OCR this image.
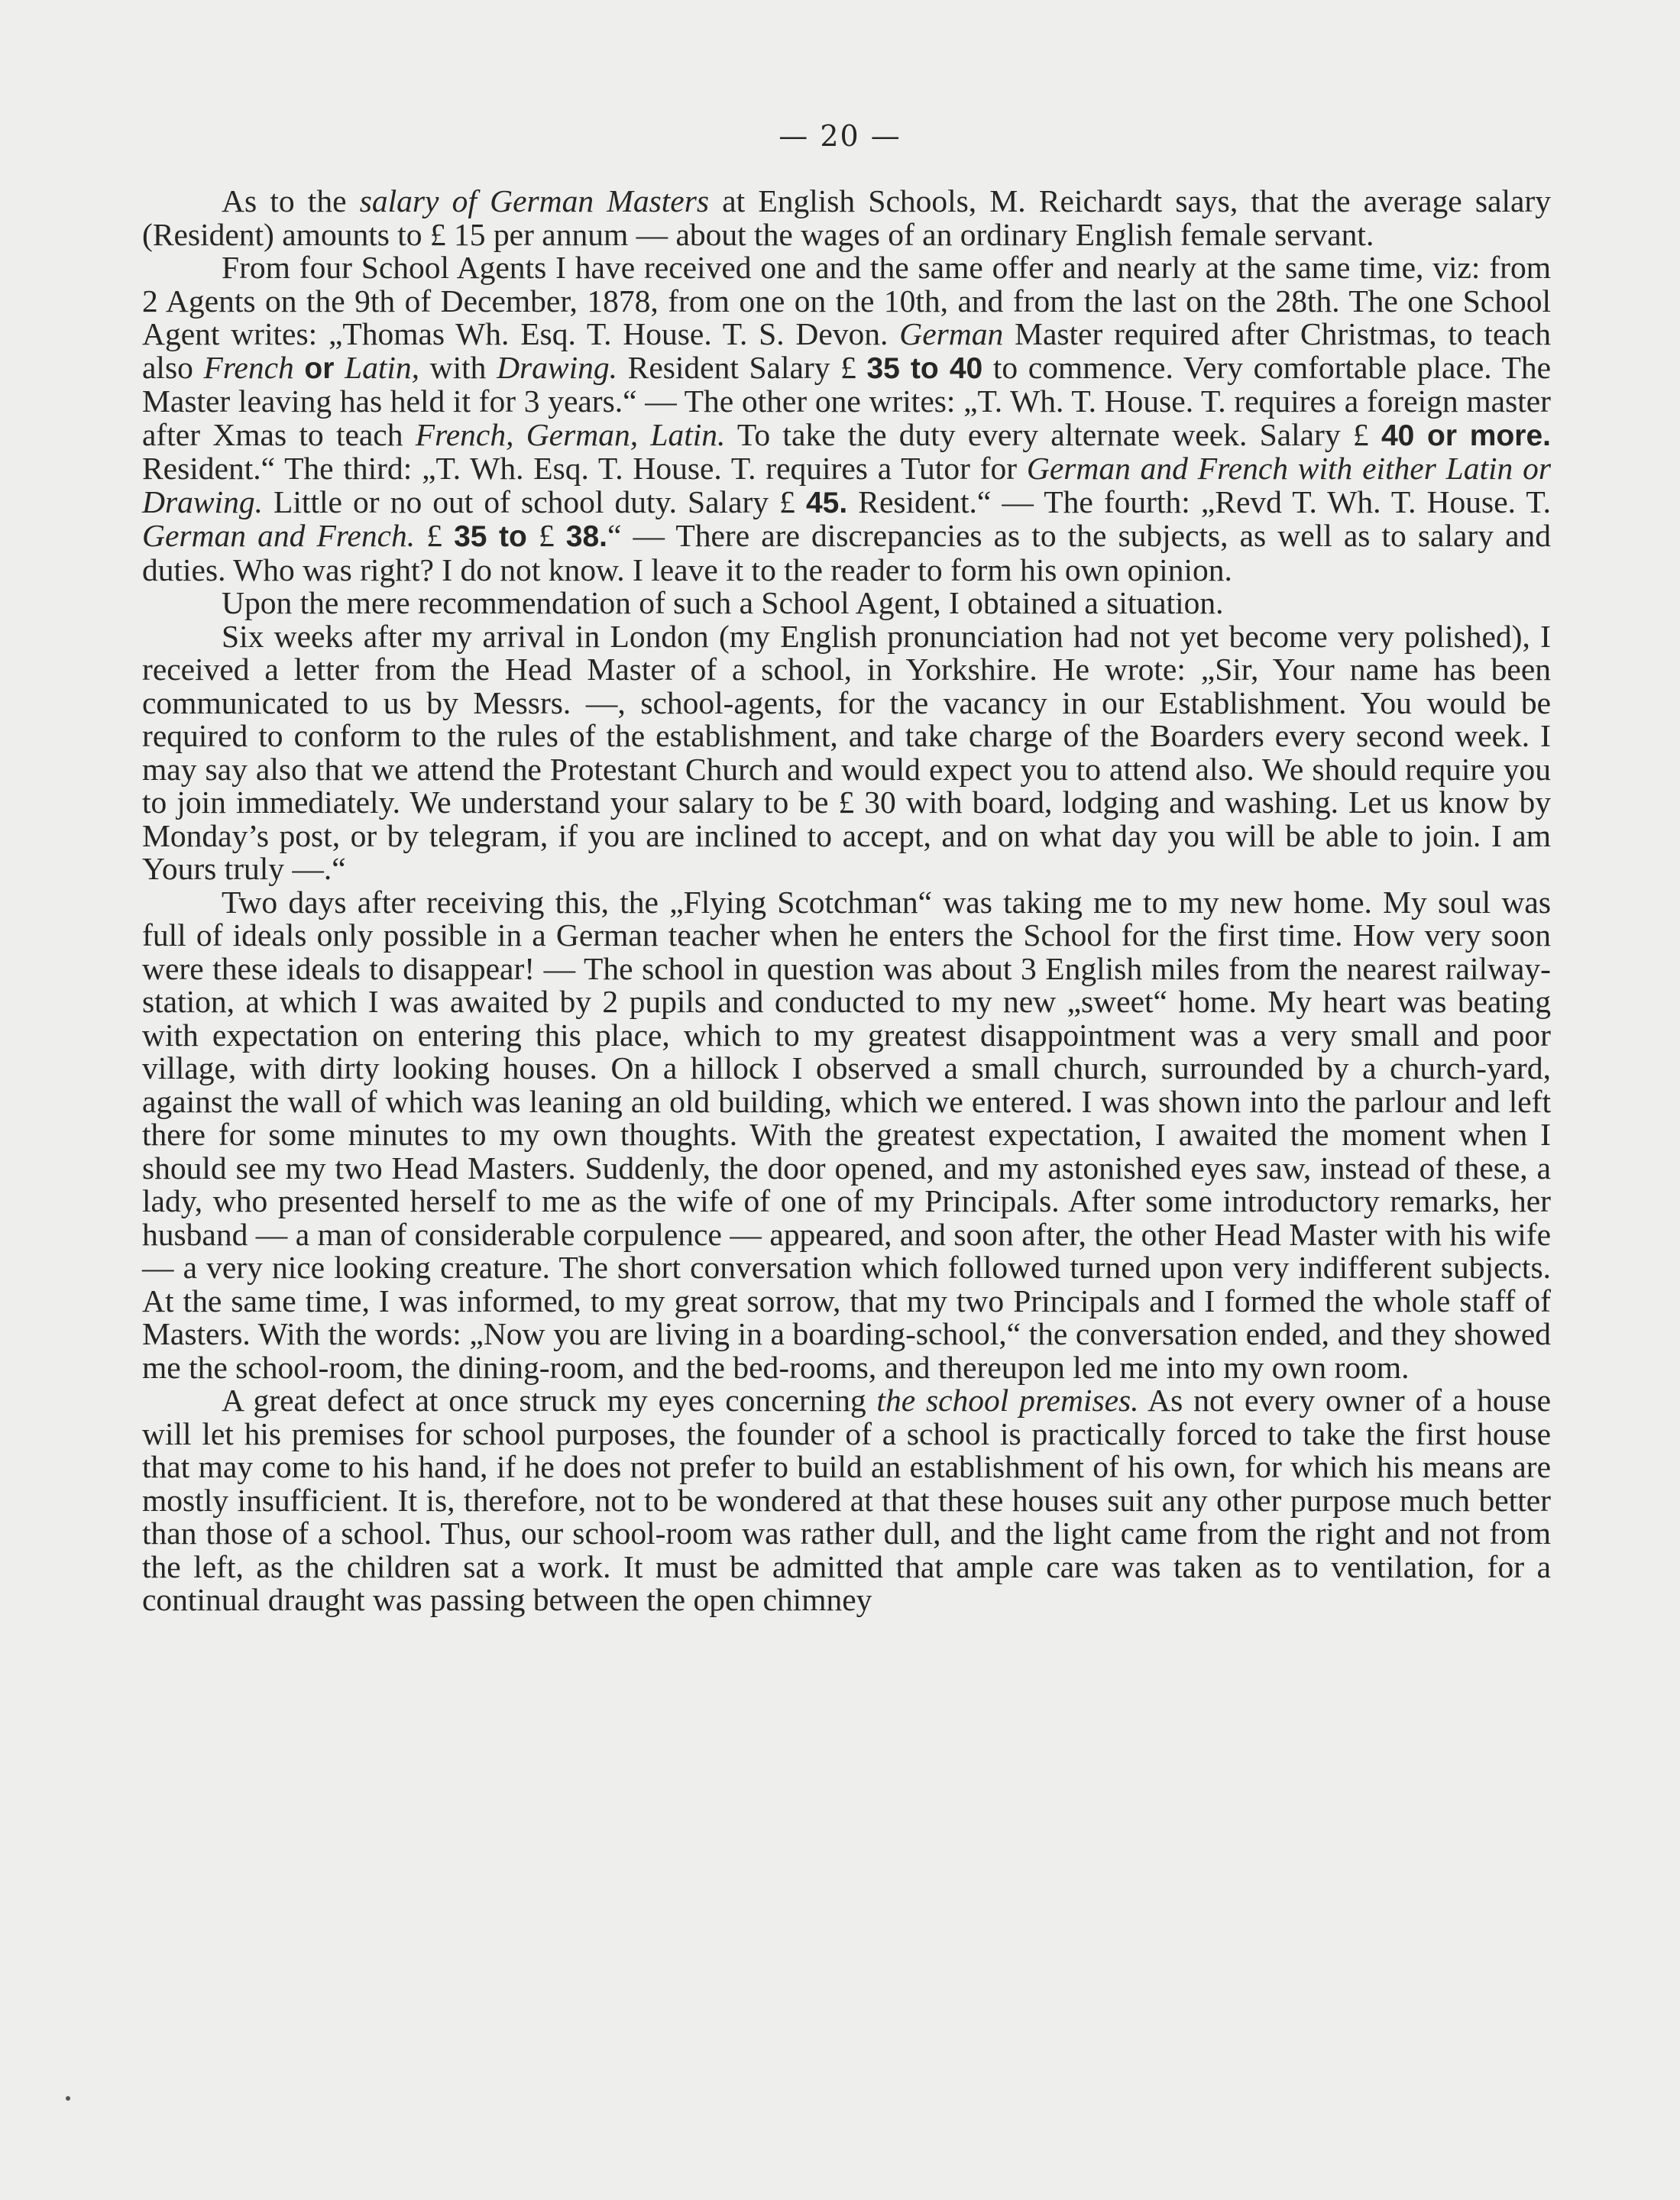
— 20 —

As to the salary of German Masters at English Schools, M. Reichardt says, that the average salary (Resident) amounts to £ 15 per annum — about the wages of an ordinary English female servant.

From four School Agents I have received one and the same offer and nearly at the same time, viz: from 2 Agents on the 9th of December, 1878, from one on the 10th, and from the last on the 28th. The one School Agent writes: „Thomas Wh. Esq. T. House. T. S. Devon. German Master required after Christmas, to teach also French or Latin, with Drawing. Resident Salary £ 35 to 40 to commence. Very comfortable place. The Master leaving has held it for 3 years.“ — The other one writes: „T. Wh. T. House. T. requires a foreign master after Xmas to teach French, German, Latin. To take the duty every alternate week. Salary £ 40 or more. Resident.“ The third: „T. Wh. Esq. T. House. T. requires a Tutor for German and French with either Latin or Drawing. Little or no out of school duty. Salary £ 45. Resident.“ — The fourth: „Revd T. Wh. T. House. T. German and French. £ 35 to £ 38.“ — There are discrepancies as to the subjects, as well as to salary and duties. Who was right? I do not know. I leave it to the reader to form his own opinion.

Upon the mere recommendation of such a School Agent, I obtained a situation.

Six weeks after my arrival in London (my English pronunciation had not yet become very polished), I received a letter from the Head Master of a school, in Yorkshire. He wrote: „Sir, Your name has been communicated to us by Messrs. —, school-agents, for the vacancy in our Establishment. You would be required to conform to the rules of the establishment, and take charge of the Boarders every second week. I may say also that we attend the Protestant Church and would expect you to attend also. We should require you to join immediately. We understand your salary to be £ 30 with board, lodging and washing. Let us know by Monday’s post, or by telegram, if you are inclined to accept, and on what day you will be able to join. I am Yours truly —.“

Two days after receiving this, the „Flying Scotchman“ was taking me to my new home. My soul was full of ideals only possible in a German teacher when he enters the School for the first time. How very soon were these ideals to disappear! — The school in question was about 3 English miles from the nearest railway-station, at which I was awaited by 2 pupils and conducted to my new „sweet“ home. My heart was beating with expectation on entering this place, which to my greatest disappointment was a very small and poor village, with dirty looking houses. On a hillock I observed a small church, surrounded by a church-yard, against the wall of which was leaning an old building, which we entered. I was shown into the parlour and left there for some minutes to my own thoughts. With the greatest expectation, I awaited the moment when I should see my two Head Masters. Suddenly, the door opened, and my astonished eyes saw, instead of these, a lady, who presented herself to me as the wife of one of my Principals. After some introductory remarks, her husband — a man of considerable corpulence — appeared, and soon after, the other Head Master with his wife — a very nice looking creature. The short conversation which followed turned upon very indifferent subjects. At the same time, I was informed, to my great sorrow, that my two Principals and I formed the whole staff of Masters. With the words: „Now you are living in a boarding-school,“ the conversation ended, and they showed me the school-room, the dining-room, and the bed-rooms, and thereupon led me into my own room.

A great defect at once struck my eyes concerning the school premises. As not every owner of a house will let his premises for school purposes, the founder of a school is practically forced to take the first house that may come to his hand, if he does not prefer to build an establishment of his own, for which his means are mostly insufficient. It is, therefore, not to be wondered at that these houses suit any other purpose much better than those of a school. Thus, our school-room was rather dull, and the light came from the right and not from the left, as the children sat a work. It must be admitted that ample care was taken as to ventilation, for a continual draught was passing between the open chimney
